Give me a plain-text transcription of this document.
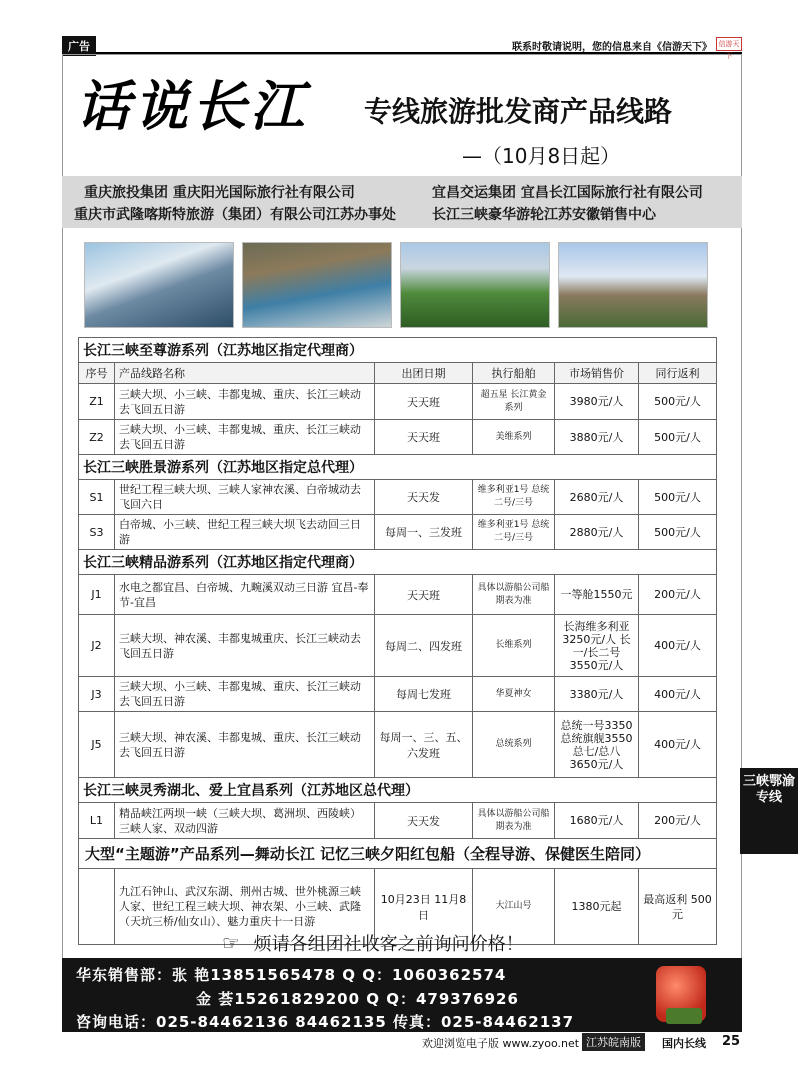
广告	联系时敬请说明，您的信息来自《信游天下》 信游天下
话说长江 专线旅游批发商产品线路
—（10月8日起）
重庆旅投集团 重庆阳光国际旅行社有限公司	宜昌交运集团 宜昌长江国际旅行社有限公司
重庆市武隆喀斯特旅游（集团）有限公司江苏办事处	长江三峡豪华游轮江苏安徽销售中心
长江三峡至尊游系列（江苏地区指定代理商）					
序号	产品线路名称	出团日期	执行船舶	市场销售价	同行返利
Z1	三峡大坝、小三峡、丰都鬼城、重庆、长江三峡动去飞回五日游	天天班	超五星 长江黄金系列	3980元/人	500元/人
Z2	三峡大坝、小三峡、丰都鬼城、重庆、长江三峡动去飞回五日游	天天班	美维系列	3880元/人	500元/人
长江三峡胜景游系列（江苏地区指定总代理）					
S1	世纪工程三峡大坝、三峡人家神农溪、白帝城动去飞回六日	天天发	维多利亚1号 总统二号/三号	2680元/人	500元/人
S3	白帝城、小三峡、世纪工程三峡大坝飞去动回三日游	每周一、三发班	维多利亚1号 总统二号/三号	2880元/人	500元/人
长江三峡精品游系列（江苏地区指定代理商）					
J1	水电之都宜昌、白帝城、九畹溪双动三日游 宜昌-奉节-宜昌	天天班	具体以游船公司船期表为准	一等舱1550元	200元/人
J2	三峡大坝、神农溪、丰都鬼城重庆、长江三峡动去飞回五日游	每周二、四发班	长维系列	长海维多利亚 3250元/人 长一/长二号 3550元/人	400元/人
J3	三峡大坝、小三峡、丰都鬼城、重庆、长江三峡动去飞回五日游	每周七发班	华夏神女	3380元/人	400元/人
J5	三峡大坝、神农溪、丰都鬼城、重庆、长江三峡动去飞回五日游	每周一、三、五、六发班	总统系列	总统一号3350 总统旗舰3550 总七/总八 3650元/人	400元/人
长江三峡灵秀湖北、爱上宜昌系列（江苏地区总代理）					
L1	精品峡江两坝一峡（三峡大坝、葛洲坝、西陵峡）三峡人家、双动四游	天天发	具体以游船公司船期表为准	1680元/人	200元/人
大型“主题游”产品系列—舞动长江 记忆三峡夕阳红包船（全程导游、保健医生陪同）					
	九江石钟山、武汉东湖、荆州古城、世外桃源三峡人家、世纪工程三峡大坝、神农架、小三峡、武隆（天坑三桥/仙女山）、魅力重庆十一日游	10月23日 11月8日	大江山号	1380元起	最高返利 500元
☞ 烦请各组团社收客之前询问价格！
华东销售部：张 艳13851565478 Q Q：1060362574
金 荟15261829200 Q Q：479376926
咨询电话：025-84462136 84462135 传真：025-84462137
欢迎浏览电子版 www.zyoo.net 江苏皖南版	国内长线 25
三峡鄂渝专线
